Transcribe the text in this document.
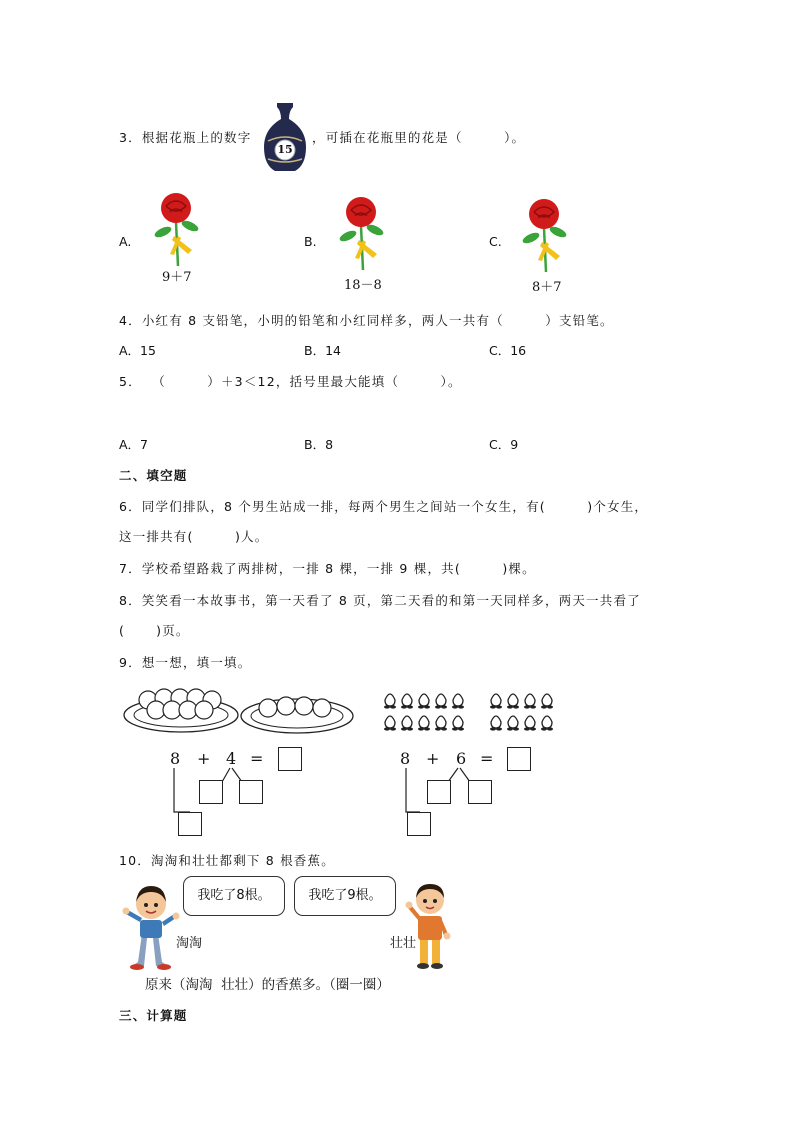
3．根据花瓶上的数字
15
，可插在花瓶里的花是（        ）。
A.
9＋7
B.
18－8
C.
8＋7
4．小红有 8 支铅笔，小明的铅笔和小红同样多，两人一共有（        ）支铅笔。
A．15	B．14	C．16
5．  （        ）＋3＜12，括号里最大能填（        ）。
A．7	B．8	C．9
二、填空题
6．同学们排队，8 个男生站成一排，每两个男生之间站一个女生，有(        )个女生，
这一排共有(        )人。
7．学校希望路栽了两排树，一排 8 棵，一排 9 棵，共(        )棵。
8．笑笑看一本故事书，第一天看了 8 页，第二天看的和第一天同样多，两天一共看了
(      )页。
9．想一想，填一填。
8 + 4 =	8 + 6 =
10．淘淘和壮壮都剩下 8 根香蕉。
我吃了8根。	我吃了9根。
淘淘	壮壮
原来（淘淘  壮壮）的香蕉多。（圈一圈）
三、计算题
